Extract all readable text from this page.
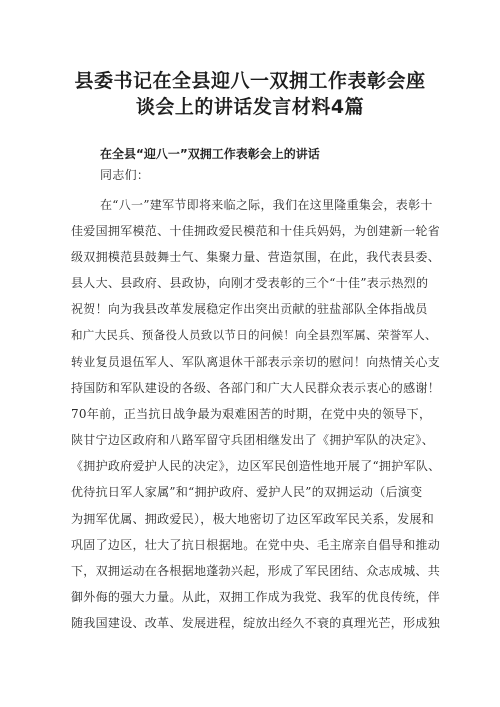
县委书记在全县迎八一双拥工作表彰会座
谈会上的讲话发言材料4篇

在全县“迎八一”双拥工作表彰会上的讲话

同志们：

在“八一”建军节即将来临之际，我们在这里隆重集会，表彰十

佳爱国拥军模范、十佳拥政爱民模范和十佳兵妈妈，为创建新一轮省

级双拥模范县鼓舞士气、集聚力量、营造氛围，在此，我代表县委、

县人大、县政府、县政协，向刚才受表彰的三个“十佳”表示热烈的

祝贺！向为我县改革发展稳定作出突出贡献的驻盐部队全体指战员

和广大民兵、预备役人员致以节日的问候！向全县烈军属、荣誉军人、

转业复员退伍军人、军队离退休干部表示亲切的慰问！向热情关心支

持国防和军队建设的各级、各部门和广大人民群众表示衷心的感谢！

70年前，正当抗日战争最为艰难困苦的时期，在党中央的领导下，

陕甘宁边区政府和八路军留守兵团相继发出了《拥护军队的决定》、

《拥护政府爱护人民的决定》，边区军民创造性地开展了“拥护军队、

优待抗日军人家属”和“拥护政府、爱护人民”的双拥运动（后演变

为拥军优属、拥政爱民），极大地密切了边区军政军民关系，发展和

巩固了边区，壮大了抗日根据地。在党中央、毛主席亲自倡导和推动

下，双拥运动在各根据地蓬勃兴起，形成了军民团结、众志成城、共

御外侮的强大力量。从此，双拥工作成为我党、我军的优良传统，伴

随我国建设、改革、发展进程，绽放出经久不衰的真理光芒，形成独
